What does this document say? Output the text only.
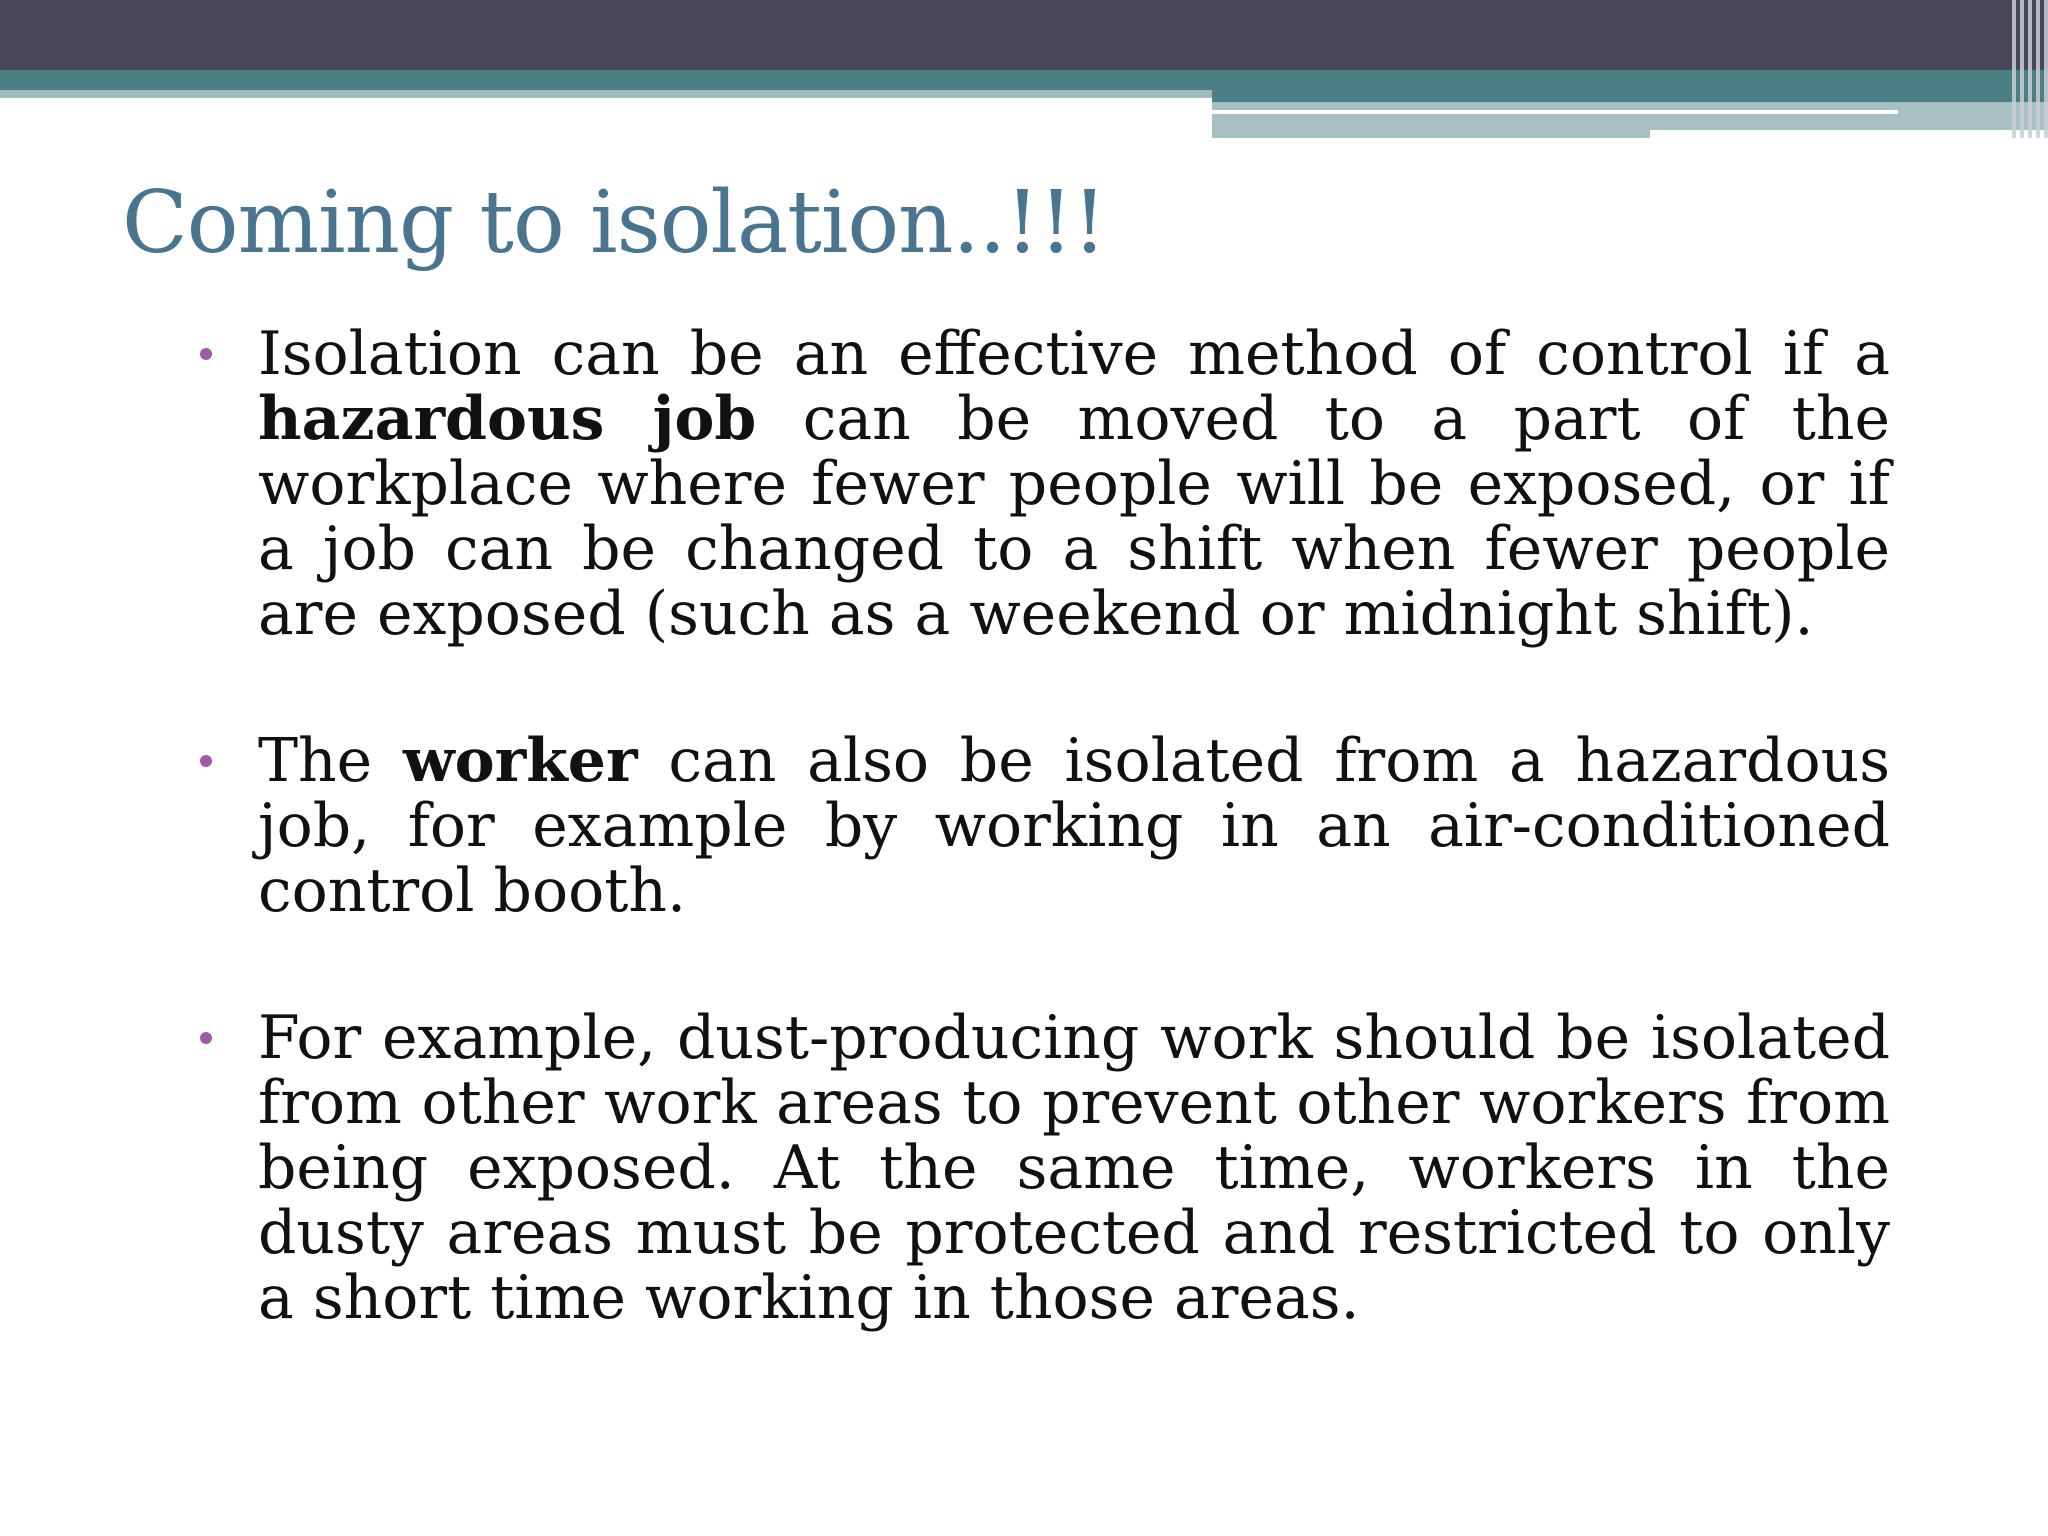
Coming to isolation..!!!
Isolation can be an effective method of control if a hazardous job can be moved to a part of the workplace where fewer people will be exposed, or if a job can be changed to a shift when fewer people are exposed (such as a weekend or midnight shift).
The worker can also be isolated from a hazardous job, for example by working in an air-conditioned control booth.
For example, dust-producing work should be isolated from other work areas to prevent other workers from being exposed. At the same time, workers in the dusty areas must be protected and restricted to only a short time working in those areas.
